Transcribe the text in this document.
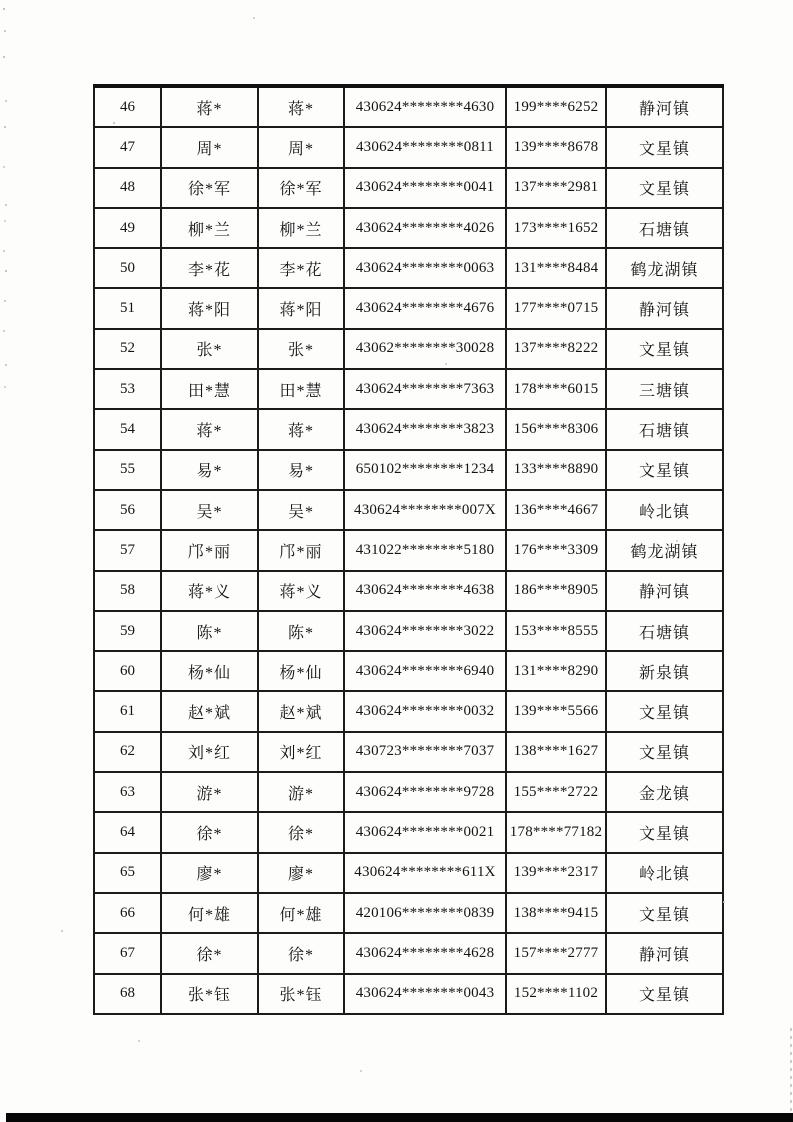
46	蒋*	蒋*	430624********4630	199****6252	静河镇
47	周*	周*	430624********0811	139****8678	文星镇
48	徐*军	徐*军	430624********0041	137****2981	文星镇
49	柳*兰	柳*兰	430624********4026	173****1652	石塘镇
50	李*花	李*花	430624********0063	131****8484	鹤龙湖镇
51	蒋*阳	蒋*阳	430624********4676	177****0715	静河镇
52	张*	张*	43062********30028	137****8222	文星镇
53	田*慧	田*慧	430624********7363	178****6015	三塘镇
54	蒋*	蒋*	430624********3823	156****8306	石塘镇
55	易*	易*	650102********1234	133****8890	文星镇
56	吴*	吴*	430624********007X	136****4667	岭北镇
57	邝*丽	邝*丽	431022********5180	176****3309	鹤龙湖镇
58	蒋*义	蒋*义	430624********4638	186****8905	静河镇
59	陈*	陈*	430624********3022	153****8555	石塘镇
60	杨*仙	杨*仙	430624********6940	131****8290	新泉镇
61	赵*斌	赵*斌	430624********0032	139****5566	文星镇
62	刘*红	刘*红	430723********7037	138****1627	文星镇
63	游*	游*	430624********9728	155****2722	金龙镇
64	徐*	徐*	430624********0021	178****77182	文星镇
65	廖*	廖*	430624********611X	139****2317	岭北镇
66	何*雄	何*雄	420106********0839	138****9415	文星镇
67	徐*	徐*	430624********4628	157****2777	静河镇
68	张*钰	张*钰	430624********0043	152****1102	文星镇
